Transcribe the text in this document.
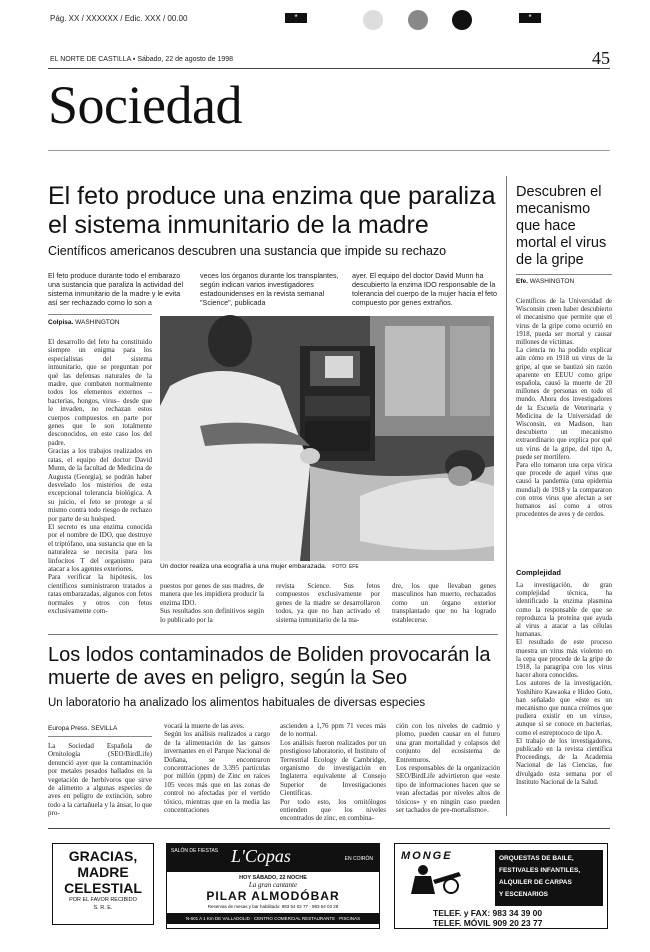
Pág. XX / XXXXXX / Edic. XXX / 00.00	*	*
EL NORTE DE CASTILLA ▪ Sábado, 22 de agosto de 1998	45
Sociedad
El feto produce una enzima que paraliza el sistema inmunitario de la madre
Científicos americanos descubren una sustancia que impide su rechazo
El feto produce durante todo el embarazo una sustancia que paraliza la actividad del sistema inmunitario de la madre y le evita así ser rechazado como lo son a
veces los órganos durante los transplantes, según indican varios investigadores estadounidenses en la revista semanal "Science", publicada
ayer. El equipo del doctor David Munn ha descubierto la enzima IDO responsable de la tolerancia del cuerpo de la mujer hacia el feto compuesto por genes extraños.
Colpisa. WASHINGTON
El desarrollo del feto ha constituido siempre un enigma para los especialistas del sistema inmunitario, que se preguntan por qué las defensas naturales de la madre, que combaten normalmente todos los elementos externos –bacterias, hongos, virus– desde que le invaden, no rechazan estos cuerpos compuestos en parte por genes que le son totalmente desconocidos, en este caso los del padre.
Gracias a los trabajos realizados en ratas, el equipo del doctor David Munn, de la facultad de Medicina de Augusta (Georgia), se podrán haber desvelado los misterios de esta excepcional tolerancia biológica. A su juicio, el feto se protege a sí mismo contra todo riesgo de rechazo por parte de su huésped.
El secreto es una enzima conocida por el nombre de IDO, que destruye el triptófano, una sustancia que en la naturaleza se necesita para los linfocitos T del organismo para atacar a los agentes exteriores.
Para verificar la hipótesis, los científicos suministraron tratados a ratas embarazadas, algunos con fetos normales y otros con fetos exclusivamente com-
Un doctor realiza una ecografía a una mujer embarazada. FOTO: EFE
puestos por genes de sus madres, de manera que les impidiera producir la enzima IDO.
Sus resultados son definitivos según lo publicado por la
revista Science. Sus fetos compuestos exclusivamente por genes de la madre se desarrollaron todos, ya que no han activado el sistema inmunitario de la ma-
dre, los que llevaban genes masculinos han muerto, rechazados como un órgano exterior transplantado que no ha logrado establecerse.
Descubren el mecanismo que hace mortal el virus de la gripe
Efe. WASHINGTON
Científicos de la Universidad de Wisconsin creen haber descubierto el mecanismo que permite que el virus de la gripe como ocurrió en 1918, pueda ser mortal y causar millones de víctimas.
La ciencia no ha podido explicar aún cómo en 1918 un virus de la gripe, al que se bautizó sin razón aparente en EEUU como gripe española, causó la muerte de 20 millones de personas en todo el mundo. Ahora dos investigadores de la Escuela de Veterinaria y Medicina de la Universidad de Wisconsin, en Madison, han descubierto un mecanismo extraordinario que explica por qué un virus de la gripe, del tipo A, puede ser mortífero.
Para ello tomaron una cepa vírica que procede de aquel virus que causó la pandemia (una epidemia mundial) de 1918 y la compararon con otros virus que afectan a ser humanos así como a otros procedentes de aves y de cerdos.
Complejidad
La investigación, de gran complejidad técnica, ha identificado la enzima plasmina como la responsable de que se reproduzca la proteína que ayuda al virus a atacar a las células humanas.
El resultado de este proceso muestra un virus más violento en la cepa que procede de la gripe de 1918, la paragripa con los virus hacer ahora conocidos.
Los autores de la investigación, Yoshihiro Kawaoka e Hideo Goto, han señalado que «éste es un mecanismo que nunca creímos que pudiera existir en un virus», aunque sí se conoce en bacterias, como el estreptococo de tipo A.
El trabajo de los investigadores, publicado en la revista científica Proceedings, de la Academia Nacional de las Ciencias, fue divulgado esta semana por el Instituto Nacional de la Salud.
Los lodos contaminados de Boliden provocarán la muerte de aves en peligro, según la Seo
Un laboratorio ha analizado los alimentos habituales de diversas especies
Europa Press. SEVILLA
La Sociedad Española de Ornitología (SEO/BirdLife) denunció ayer que la contaminación por metales pesados hallados en la vegetación de herbívoros que sirve de alimento a algunas especies de aves en peligro de extinción, sobre todo a la cartañuela y la ánsar, lo que pro-
vocará la muerte de las aves.
Según los análisis realizados a cargo de la alimentación de las gansos invernantes en el Parque Nacional de Doñana, se encontraron concentraciones de 3.395 partículas por millón (ppm) de Zinc en raíces 105 veces más que en las zonas de control no afectadas por el vertido tóxico, mientras que en la media las concentraciones
ascienden a 1,76 ppm 71 veces más de lo normal.
Los análisis fueron realizados por un prestigioso laboratorio, el Instituto of Terrestrial Ecology de Cambridge, organismo de investigación en Inglaterra equivalente al Consejo Superior de Investigaciones Científicas.
Por todo esto, los ornitólogos entienden que los niveles encontrados de zinc, en combina-
ción con los niveles de cadmio y plomo, pueden causar en el futuro una gran mortalidad y colapsos del conjunto del ecosistema de Entremuros.
Los responsables de la organización SEO/BirdLife advirtieron que «este tipo de informaciones hacen que se vean afectadas por niveles altos de tóxicos» y en ningún caso pueden ser tachados de pre-mortalismo».
GRACIAS,
MADRE
CELESTIAL
POR EL FAVOR RECIBIDO
S. R. E.
SALÓN DE FIESTAS L'Copas	EN COIRÓN
HOY SÁBADO, 22 NOCHE
La gran cantante
PILAR ALMODÓBAR
Reservas de mesas y bar habilitado: 983 54 02 77 - 983 54 03 28
N-601 A 1 Km DE VALLADOLID · CENTRO COMERCIAL RESTAURANTE · PISCINAS
MONGE	ORQUESTAS DE BAILE,
FESTIVALES INFANTILES,
ALQUILER DE CARPAS
Y ESCENARIOS
TELEF. y FAX: 983 34 39 00
TELEF. MÓVIL 909 20 23 77
